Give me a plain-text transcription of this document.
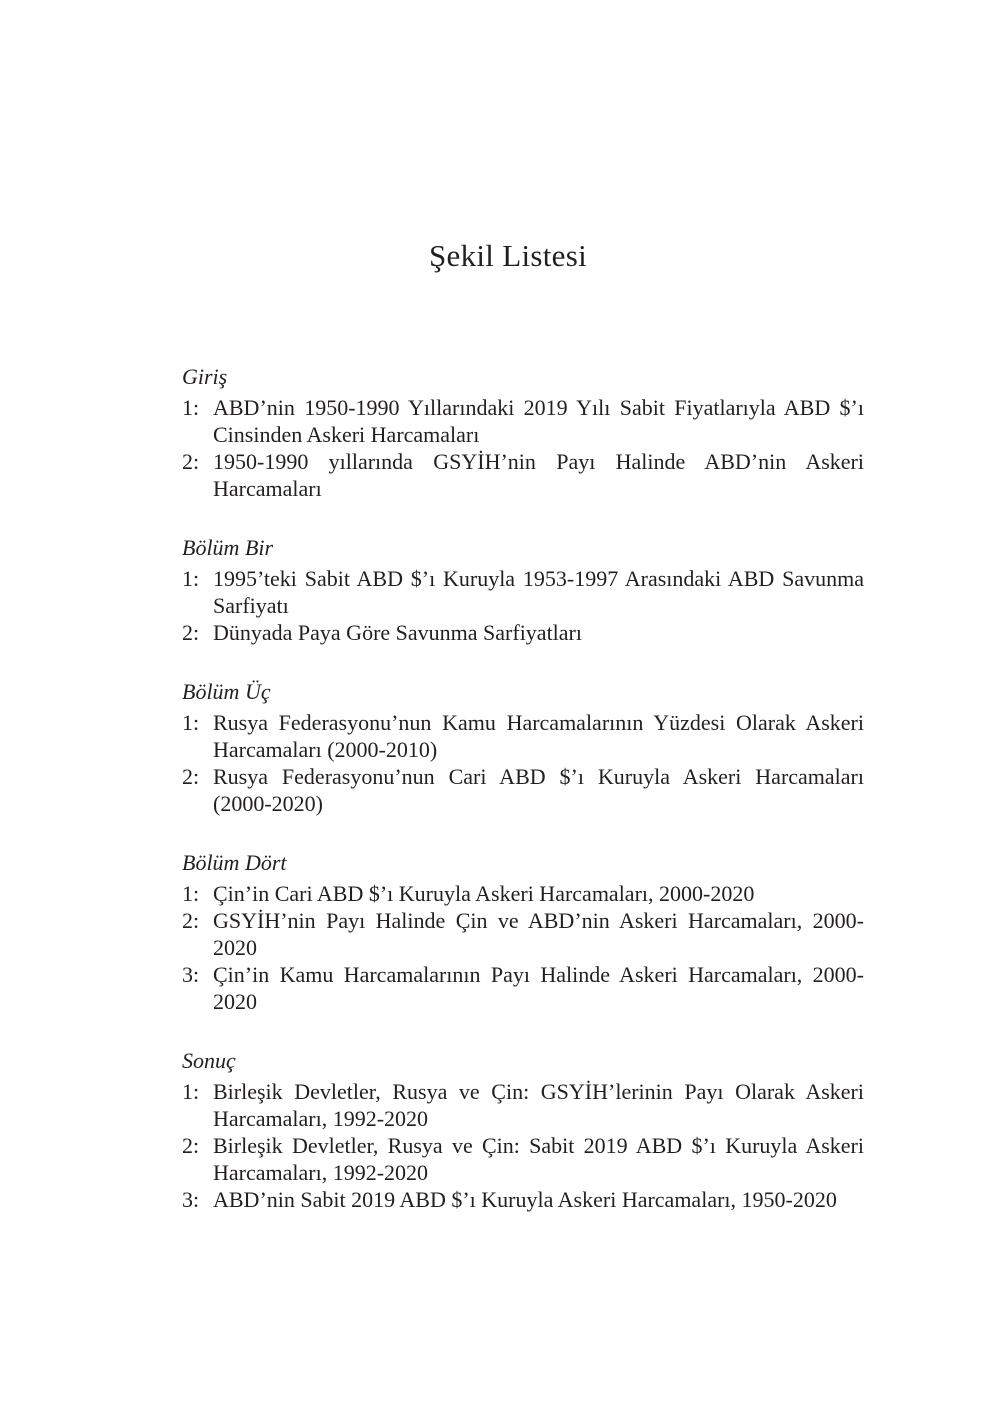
Şekil Listesi
Giriş
1: ABD’nin 1950-1990 Yıllarındaki 2019 Yılı Sabit Fiyatlarıyla ABD $’ı Cinsinden Askeri Harcamaları
2: 1950-1990 yıllarında GSYİH’nin Payı Halinde ABD’nin Askeri Harcamaları
Bölüm Bir
1: 1995’teki Sabit ABD $’ı Kuruyla 1953-1997 Arasındaki ABD Savunma Sarfiyatı
2: Dünyada Paya Göre Savunma Sarfiyatları
Bölüm Üç
1: Rusya Federasyonu’nun Kamu Harcamalarının Yüzdesi Olarak Askeri Harcamaları (2000-2010)
2: Rusya Federasyonu’nun Cari ABD $’ı Kuruyla Askeri Harcamaları (2000-2020)
Bölüm Dört
1: Çin’in Cari ABD $’ı Kuruyla Askeri Harcamaları, 2000-2020
2: GSYİH’nin Payı Halinde Çin ve ABD’nin Askeri Harcamaları, 2000-2020
3: Çin’in Kamu Harcamalarının Payı Halinde Askeri Harcamaları, 2000-2020
Sonuç
1: Birleşik Devletler, Rusya ve Çin: GSYİH’lerinin Payı Olarak Askeri Harcamaları, 1992-2020
2: Birleşik Devletler, Rusya ve Çin: Sabit 2019 ABD $’ı Kuruyla Askeri Harcamaları, 1992-2020
3: ABD’nin Sabit 2019 ABD $’ı Kuruyla Askeri Harcamaları, 1950-2020
